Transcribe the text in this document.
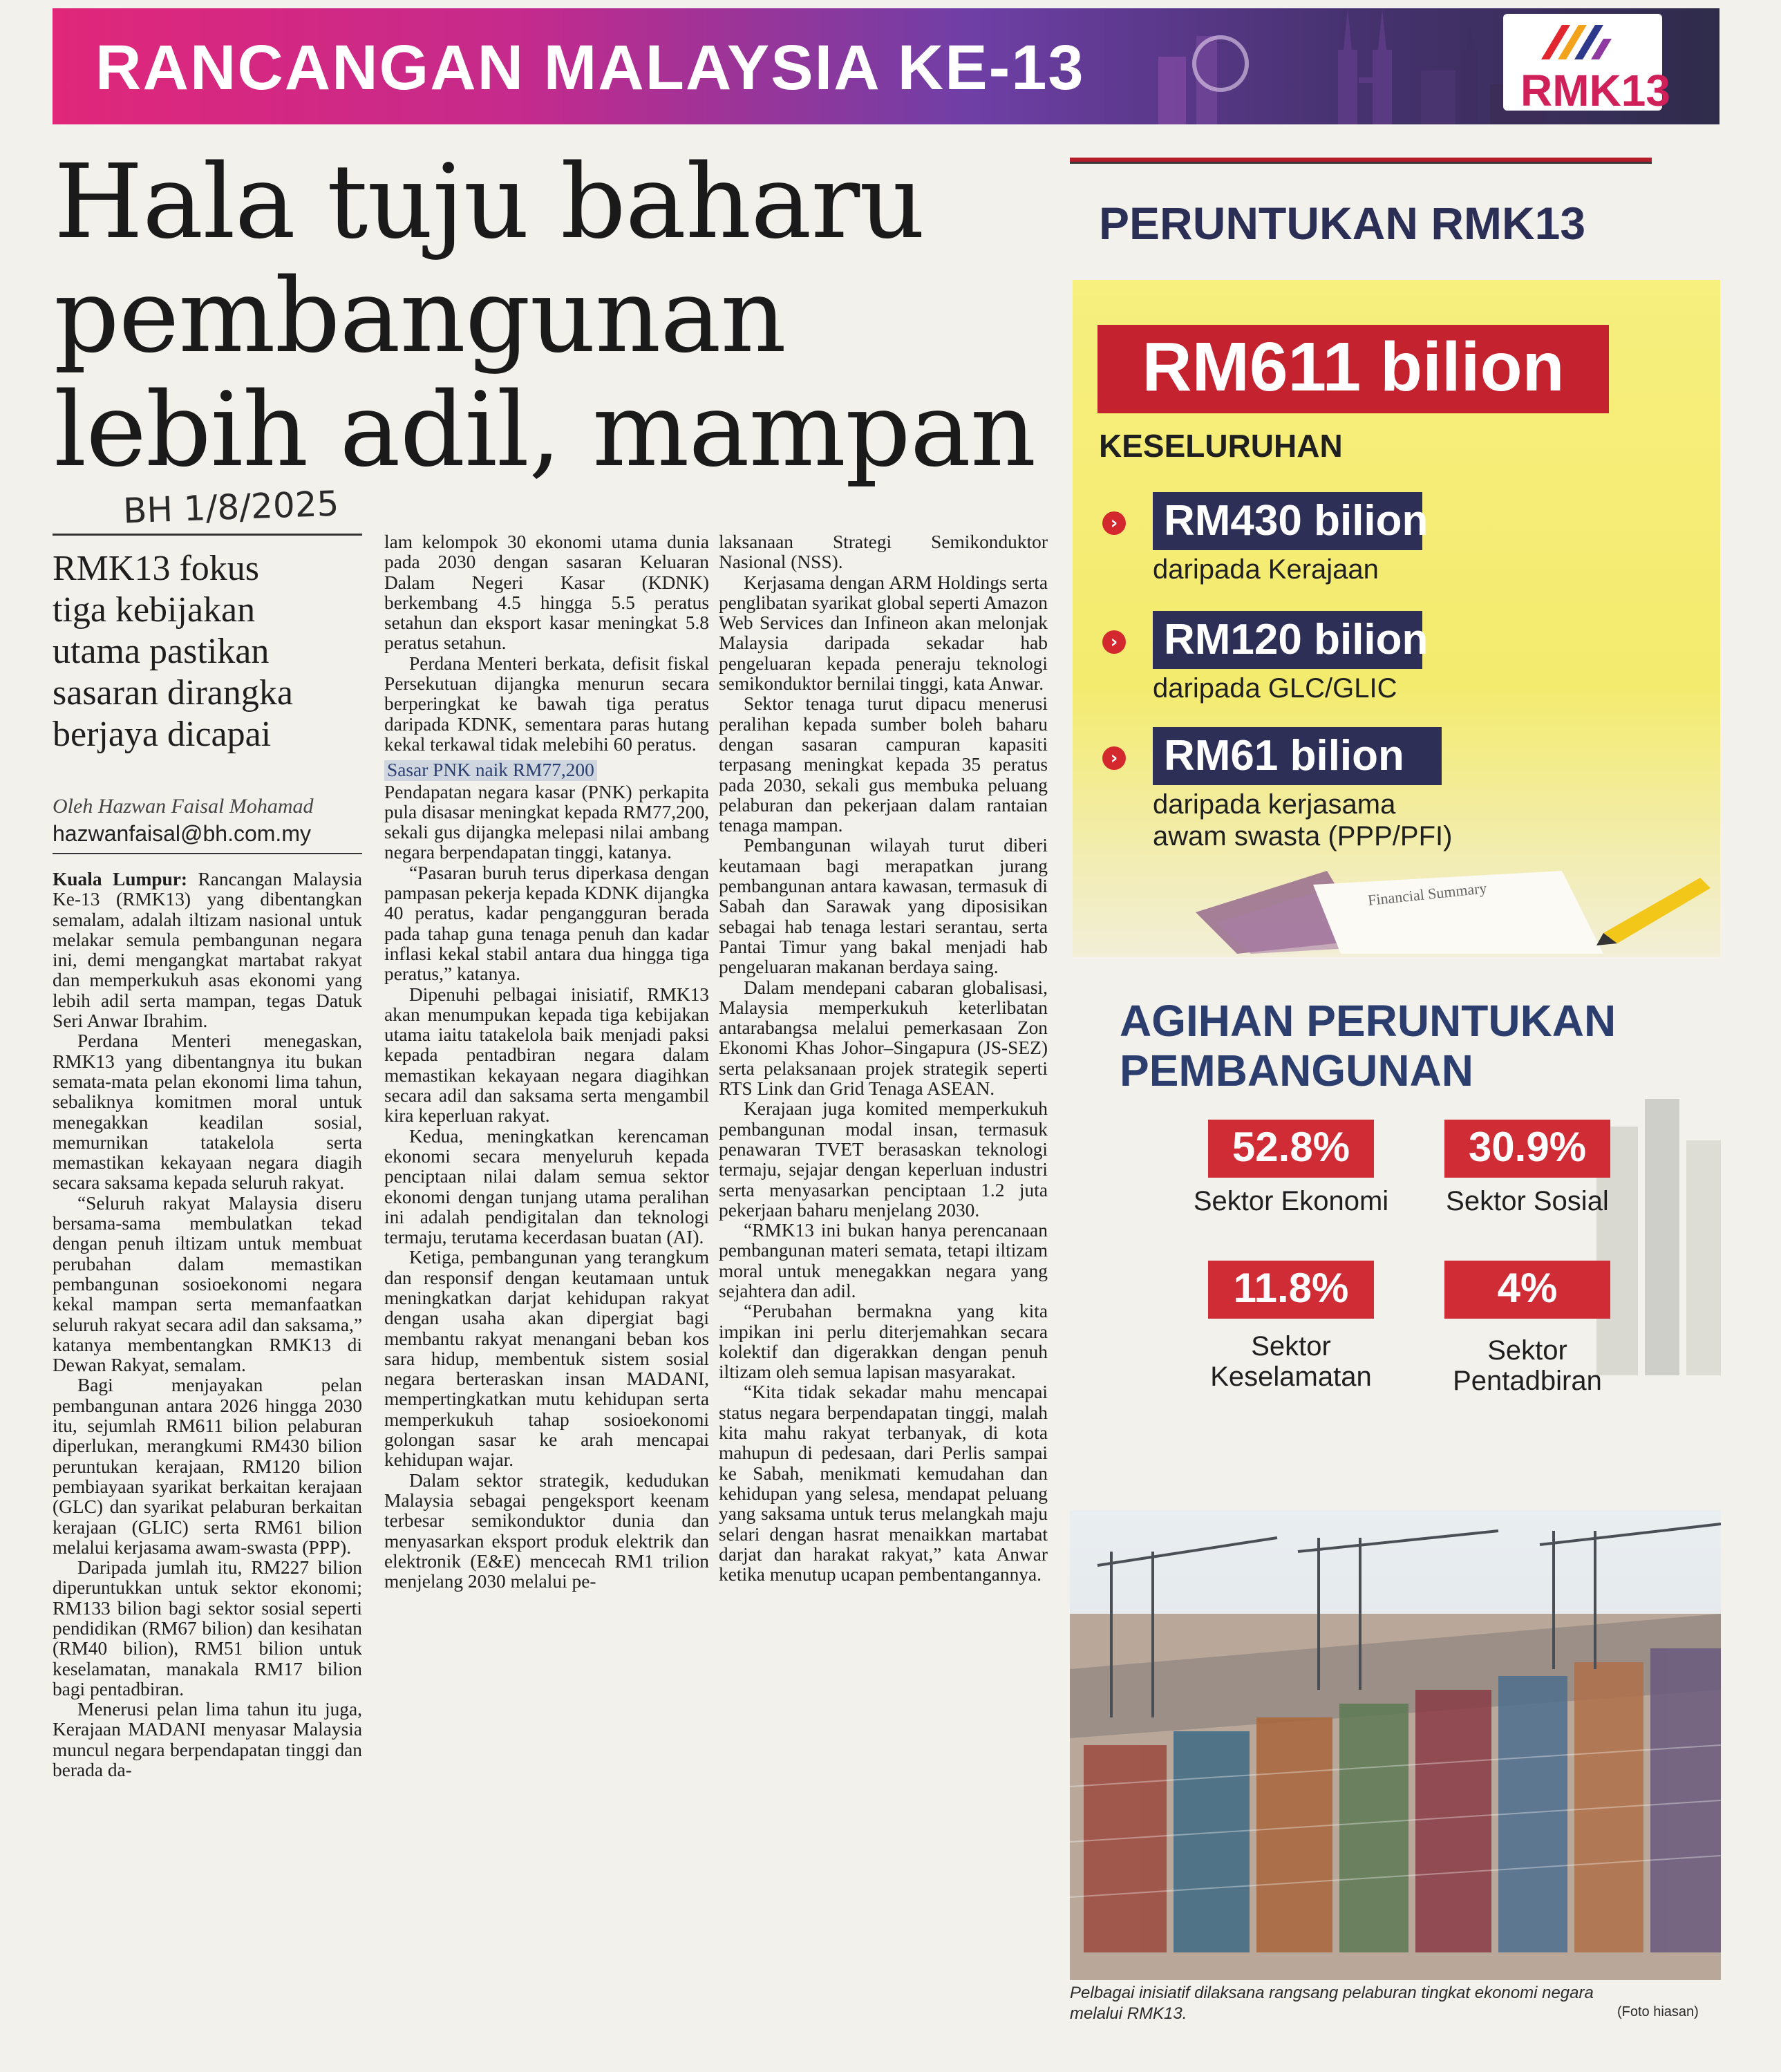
RANCANGAN MALAYSIA KE-13	RMK13
Hala tuju baharu
pembangunan
lebih adil, mampan
BH 1/8/2025
RMK13 fokus
tiga kebijakan
utama pastikan
sasaran dirangka
berjaya dicapai
Oleh Hazwan Faisal Mohamad
hazwanfaisal@bh.com.my

Kuala Lumpur: Rancangan Malaysia Ke-13 (RMK13) yang dibentangkan semalam, adalah iltizam nasional untuk melakar semula pembangunan negara ini, demi mengangkat martabat rakyat dan memperkukuh asas ekonomi yang lebih adil serta mampan, tegas Datuk Seri Anwar Ibrahim.

Perdana Menteri menegaskan, RMK13 yang dibentangnya itu bukan semata-mata pelan ekonomi lima tahun, sebaliknya komitmen moral untuk menegakkan keadilan sosial, memurnikan tatakelola serta memastikan kekayaan negara diagih secara saksama kepada seluruh rakyat.

“Seluruh rakyat Malaysia diseru bersama-sama membulatkan tekad dengan penuh iltizam untuk membuat perubahan dalam memastikan pembangunan sosioekonomi negara kekal mampan serta memanfaatkan seluruh rakyat secara adil dan saksama,” katanya membentangkan RMK13 di Dewan Rakyat, semalam.

Bagi menjayakan pelan pembangunan antara 2026 hingga 2030 itu, sejumlah RM611 bilion pelaburan diperlukan, merangkumi RM430 bilion peruntukan kerajaan, RM120 bilion pembiayaan syarikat berkaitan kerajaan (GLC) dan syarikat pelaburan berkaitan kerajaan (GLIC) serta RM61 bilion melalui kerjasama awam-swasta (PPP).

Daripada jumlah itu, RM227 bilion diperuntukkan untuk sektor ekonomi; RM133 bilion bagi sektor sosial seperti pendidikan (RM67 bilion) dan kesihatan (RM40 bilion), RM51 bilion untuk keselamatan, manakala RM17 bilion bagi pentadbiran.

Menerusi pelan lima tahun itu juga, Kerajaan MADANI menyasar Malaysia muncul negara berpendapatan tinggi dan berada da-

lam kelompok 30 ekonomi utama dunia pada 2030 dengan sasaran Keluaran Dalam Negeri Kasar (KDNK) berkembang 4.5 hingga 5.5 peratus setahun dan eksport kasar meningkat 5.8 peratus setahun.

Perdana Menteri berkata, defisit fiskal Persekutuan dijangka menurun secara berperingkat ke bawah tiga peratus daripada KDNK, sementara paras hutang kekal terkawal tidak melebihi 60 peratus.

Sasar PNK naik RM77,200

Pendapatan negara kasar (PNK) perkapita pula disasar meningkat kepada RM77,200, sekali gus dijangka melepasi nilai ambang negara berpendapatan tinggi, katanya.

“Pasaran buruh terus diperkasa dengan pampasan pekerja kepada KDNK dijangka 40 peratus, kadar pengangguran berada pada tahap guna tenaga penuh dan kadar inflasi kekal stabil antara dua hingga tiga peratus,” katanya.

Dipenuhi pelbagai inisiatif, RMK13 akan menumpukan kepada tiga kebijakan utama iaitu tatakelola baik menjadi paksi kepada pentadbiran negara dalam memastikan kekayaan negara diagihkan secara adil dan saksama serta mengambil kira keperluan rakyat.

Kedua, meningkatkan kerencaman ekonomi secara menyeluruh kepada penciptaan nilai dalam semua sektor ekonomi dengan tunjang utama peralihan ini adalah pendigitalan dan teknologi termaju, terutama kecerdasan buatan (AI).

Ketiga, pembangunan yang terangkum dan responsif dengan keutamaan untuk meningkatkan darjat kehidupan rakyat dengan usaha akan dipergiat bagi membantu rakyat menangani beban kos sara hidup, membentuk sistem sosial negara berteraskan insan MADANI, mempertingkatkan mutu kehidupan serta memperkukuh tahap sosioekonomi golongan sasar ke arah mencapai kehidupan wajar.

Dalam sektor strategik, kedudukan Malaysia sebagai pengeksport keenam terbesar semikonduktor dunia dan menyasarkan eksport produk elektrik dan elektronik (E&E) mencecah RM1 trilion menjelang 2030 melalui pe-

laksanaan Strategi Semikonduktor Nasional (NSS).

Kerjasama dengan ARM Holdings serta penglibatan syarikat global seperti Amazon Web Services dan Infineon akan melonjak Malaysia daripada sekadar hab pengeluaran kepada peneraju teknologi semikonduktor bernilai tinggi, kata Anwar.

Sektor tenaga turut dipacu menerusi peralihan kepada sumber boleh baharu dengan sasaran campuran kapasiti terpasang meningkat kepada 35 peratus pada 2030, sekali gus membuka peluang pelaburan dan pekerjaan dalam rantaian tenaga mampan.

Pembangunan wilayah turut diberi keutamaan bagi merapatkan jurang pembangunan antara kawasan, termasuk di Sabah dan Sarawak yang diposisikan sebagai hab tenaga lestari serantau, serta Pantai Timur yang bakal menjadi hab pengeluaran makanan berdaya saing.

Dalam mendepani cabaran globalisasi, Malaysia memperkukuh keterlibatan antarabangsa melalui pemerkasaan Zon Ekonomi Khas Johor–Singapura (JS-SEZ) serta pelaksanaan projek strategik seperti RTS Link dan Grid Tenaga ASEAN.

Kerajaan juga komited memperkukuh pembangunan modal insan, termasuk penawaran TVET berasaskan teknologi termaju, sejajar dengan keperluan industri serta menyasarkan penciptaan 1.2 juta pekerjaan baharu menjelang 2030.

“RMK13 ini bukan hanya perencanaan pembangunan materi semata, tetapi iltizam moral untuk menegakkan negara yang sejahtera dan adil.

“Perubahan bermakna yang kita impikan ini perlu diterjemahkan secara kolektif dan digerakkan dengan penuh iltizam oleh semua lapisan masyarakat.

“Kita tidak sekadar mahu mencapai status negara berpendapatan tinggi, malah kita mahu rakyat terbanyak, di kota mahupun di pedesaan, dari Perlis sampai ke Sabah, menikmati kemudahan dan kehidupan yang selesa, mendapat peluang yang saksama untuk terus melangkah maju selari dengan hasrat menaikkan martabat darjat dan harakat rakyat,” kata Anwar ketika menutup ucapan pembentangannya.

PERUNTUKAN RMK13
RM611 bilion
KESELURUHAN
› RM430 bilion
daripada Kerajaan
› RM120 bilion
daripada GLC/GLIC
› RM61 bilion
daripada kerjasama
awam swasta (PPP/PFI)
Financial Summary
AGIHAN PERUNTUKAN
PEMBANGUNAN
52.8%
Sektor Ekonomi
30.9%
Sektor Sosial
11.8%
Sektor
Keselamatan
4%
Sektor
Pentadbiran
Pelbagai inisiatif dilaksana rangsang pelaburan tingkat ekonomi negara
melalui RMK13.	(Foto hiasan)
